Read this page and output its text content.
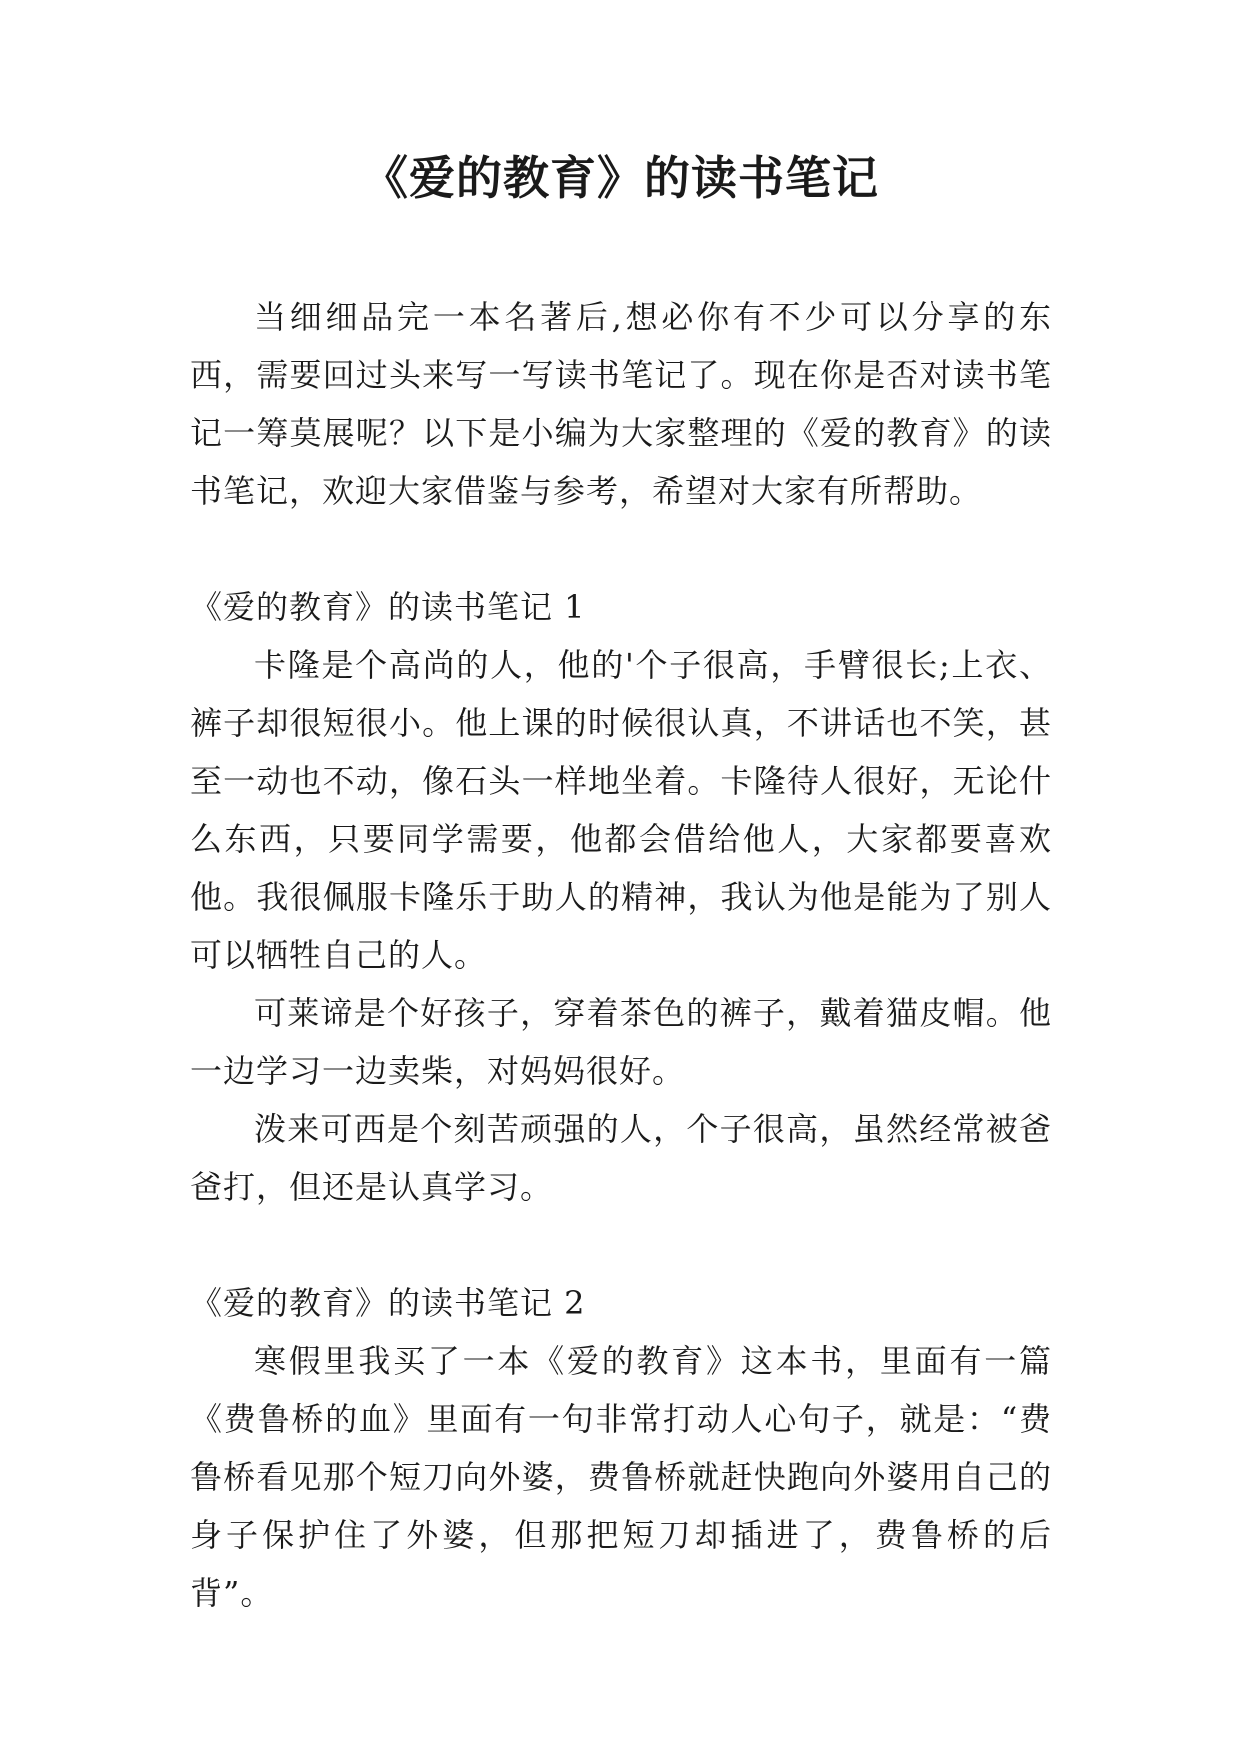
《爱的教育》的读书笔记

当细细品完一本名著后,想必你有不少可以分享的东西，需要回过头来写一写读书笔记了。现在你是否对读书笔记一筹莫展呢？以下是小编为大家整理的《爱的教育》的读书笔记，欢迎大家借鉴与参考，希望对大家有所帮助。

《爱的教育》的读书笔记 1

卡隆是个高尚的人，他的'个子很高，手臂很长;上衣、裤子却很短很小。他上课的时候很认真，不讲话也不笑，甚至一动也不动，像石头一样地坐着。卡隆待人很好，无论什么东西，只要同学需要，他都会借给他人，大家都要喜欢他。我很佩服卡隆乐于助人的精神，我认为他是能为了别人可以牺牲自己的人。

可莱谛是个好孩子，穿着茶色的裤子，戴着猫皮帽。他一边学习一边卖柴，对妈妈很好。

泼来可西是个刻苦顽强的人，个子很高，虽然经常被爸爸打，但还是认真学习。

《爱的教育》的读书笔记 2

寒假里我买了一本《爱的教育》这本书，里面有一篇《费鲁桥的血》里面有一句非常打动人心句子，就是：“费鲁桥看见那个短刀向外婆，费鲁桥就赶快跑向外婆用自己的身子保护住了外婆，但那把短刀却插进了，费鲁桥的后背”。
